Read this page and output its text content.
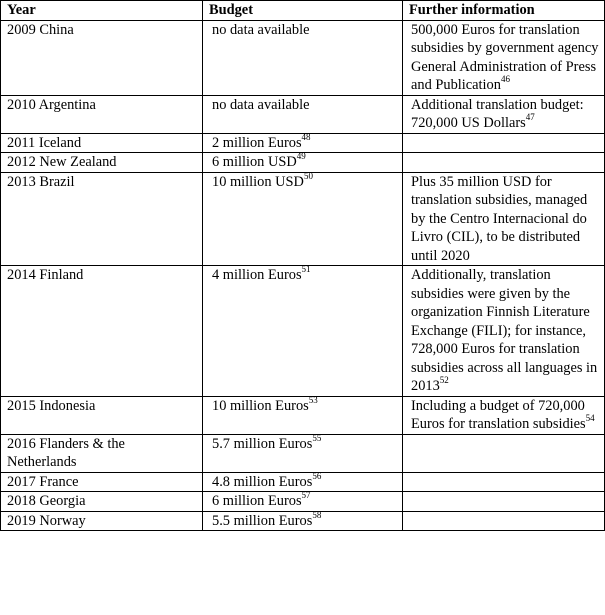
Year	Budget	Further information
2009 China	no data available	500,000 Euros for translation subsidies by government agency General Administration of Press and Publication$^{46}$
2010 Argentina	no data available	Additional translation budget: 720,000 US Dollars$^{47}$
2011 Iceland	2 million Euros$^{48}$	
2012 New Zealand	6 million USD$^{49}$	
2013 Brazil	10 million USD$^{50}$	Plus 35 million USD for translation subsidies, managed by the Centro Internacional do Livro (CIL), to be distributed until 2020
2014 Finland	4 million Euros$^{51}$	Additionally, translation subsidies were given by the organization Finnish Literature Exchange (FILI); for instance, 728,000 Euros for translation subsidies across all languages in 2013$^{52}$
2015 Indonesia	10 million Euros$^{53}$	Including a budget of 720,000 Euros for translation subsidies$^{54}$
2016 Flanders & the Netherlands	5.7 million Euros$^{55}$	
2017 France	4.8 million Euros$^{56}$	
2018 Georgia	6 million Euros$^{57}$	
2019 Norway	5.5 million Euros$^{58}$	
